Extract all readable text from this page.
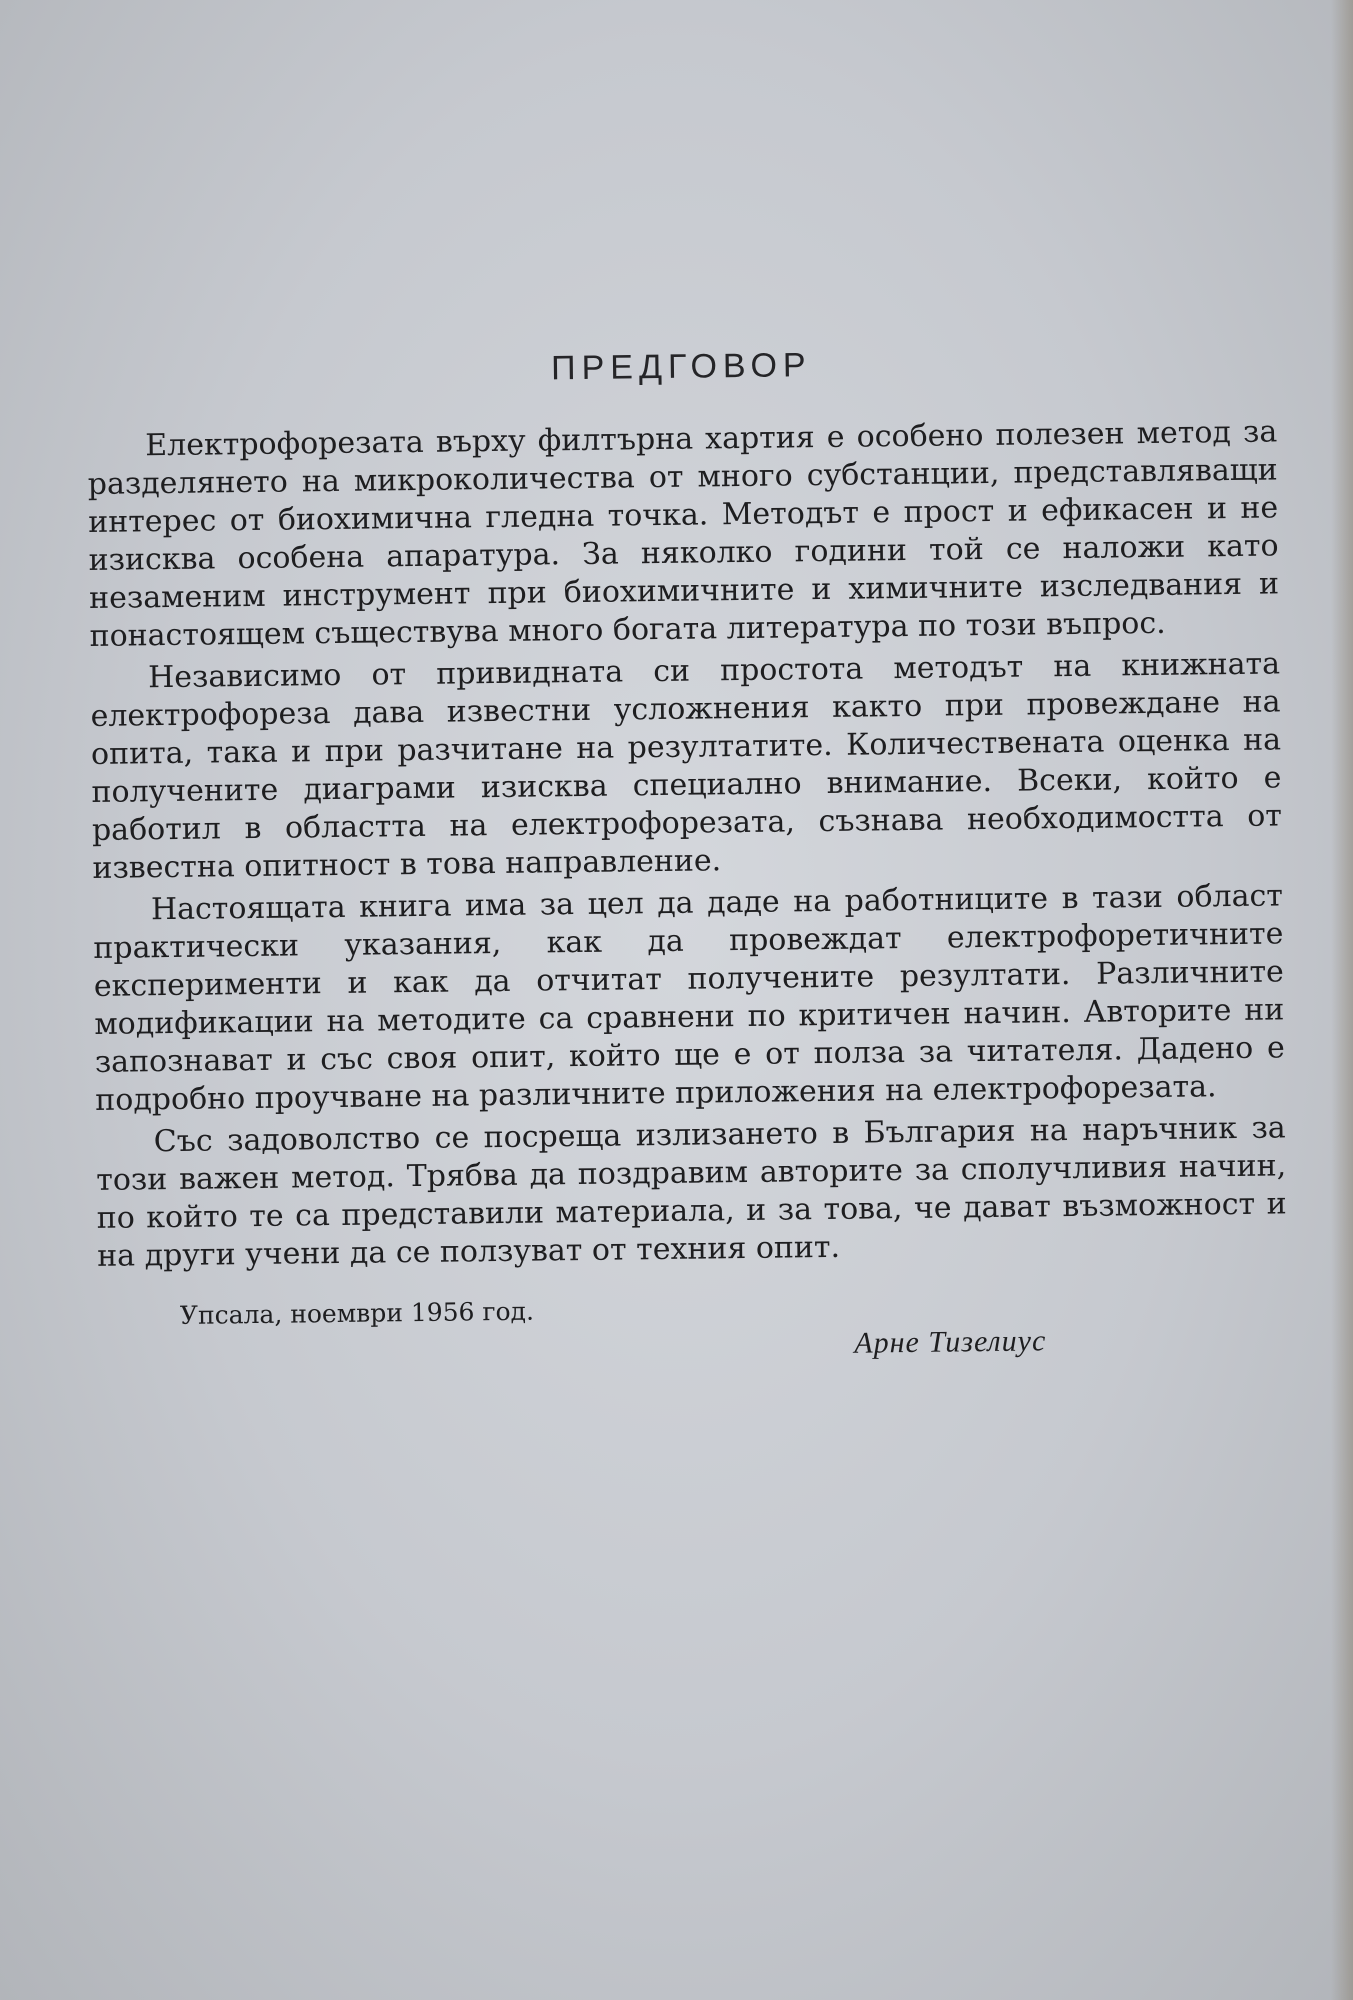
ПРЕДГОВОР

Електрофорезата върху филтърна хартия е особено полезен метод за разделянето на микроколичества от много субстанции, представляващи интерес от биохимична гледна точка. Методът е прост и ефикасен и не изисква особена апаратура. За няколко години той се наложи като незаменим инструмент при биохимичните и химичните изследвания и понастоящем съществува много богата литература по този въпрос.

Независимо от привидната си простота методът на книжната електрофореза дава известни усложнения както при провеждане на опита, така и при разчитане на резултатите. Количествената оценка на получените диаграми изисква специално внимание. Всеки, който е работил в областта на електрофорезата, съзнава необходимостта от известна опитност в това направление.

Настоящата книга има за цел да даде на работниците в тази област практически указания, как да провеждат електрофоретичните експерименти и как да отчитат получените резултати. Различните модификации на методите са сравнени по критичен начин. Авторите ни запознават и със своя опит, който ще е от полза за читателя. Дадено е подробно проучване на различните приложения на електрофорезата.

Със задоволство се посреща излизането в България на наръчник за този важен метод. Трябва да поздравим авторите за сполучливия начин, по който те са представили материала, и за това, че дават възможност и на други учени да се ползуват от техния опит.

Упсала, ноември 1956 год.
Арне Тизелиус
